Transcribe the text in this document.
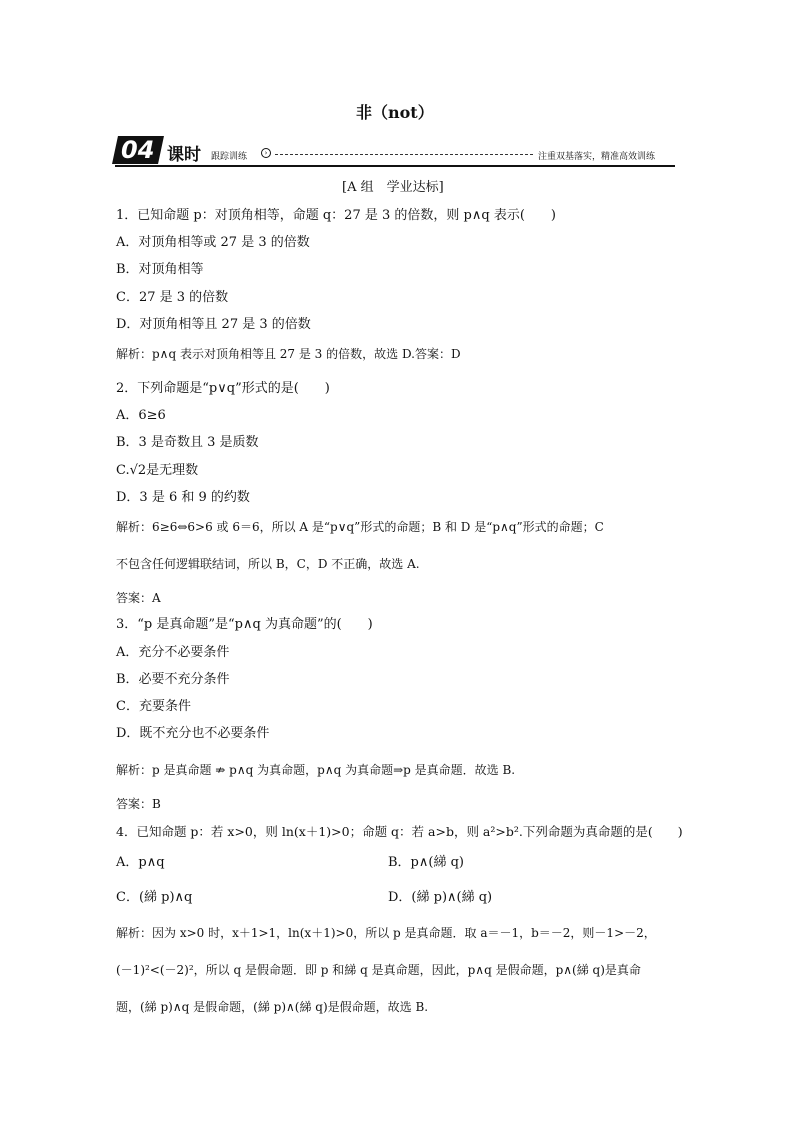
非（not）
04 课时 跟踪训练	›	注重双基落实，精准高效训练
[A 组　学业达标]
1．已知命题 p：对顶角相等，命题 q：27 是 3 的倍数，则 p∧q 表示(　　)
A．对顶角相等或 27 是 3 的倍数
B．对顶角相等
C．27 是 3 的倍数
D．对顶角相等且 27 是 3 的倍数
解析：p∧q 表示对顶角相等且 27 是 3 的倍数，故选 D.答案：D
2．下列命题是“p∨q”形式的是(　　)
A．6≥6
B．3 是奇数且 3 是质数
C.√2是无理数
D．3 是 6 和 9 的约数
解析：6≥6⇔6>6 或 6＝6，所以 A 是“p∨q”形式的命题；B 和 D 是“p∧q”形式的命题；C
不包含任何逻辑联结词，所以 B，C，D 不正确，故选 A.
答案：A
3．“p 是真命题”是“p∧q 为真命题”的(　　)
A．充分不必要条件
B．必要不充分条件
C．充要条件
D．既不充分也不必要条件
解析：p 是真命题 ⇏ p∧q 为真命题，p∧q 为真命题⇒p 是真命题．故选 B.
答案：B
4．已知命题 p：若 x>0，则 ln(x＋1)>0；命题 q：若 a>b，则 a²>b².下列命题为真命题的是(　　)
A．p∧q	B．p∧(綈 q)
C．(綈 p)∧q	D．(綈 p)∧(綈 q)
解析：因为 x>0 时，x＋1>1，ln(x＋1)>0，所以 p 是真命题．取 a＝－1，b＝－2，则－1>－2，
(－1)²<(－2)²，所以 q 是假命题．即 p 和綈 q 是真命题，因此，p∧q 是假命题，p∧(綈 q)是真命
题，(綈 p)∧q 是假命题，(綈 p)∧(綈 q)是假命题，故选 B.
